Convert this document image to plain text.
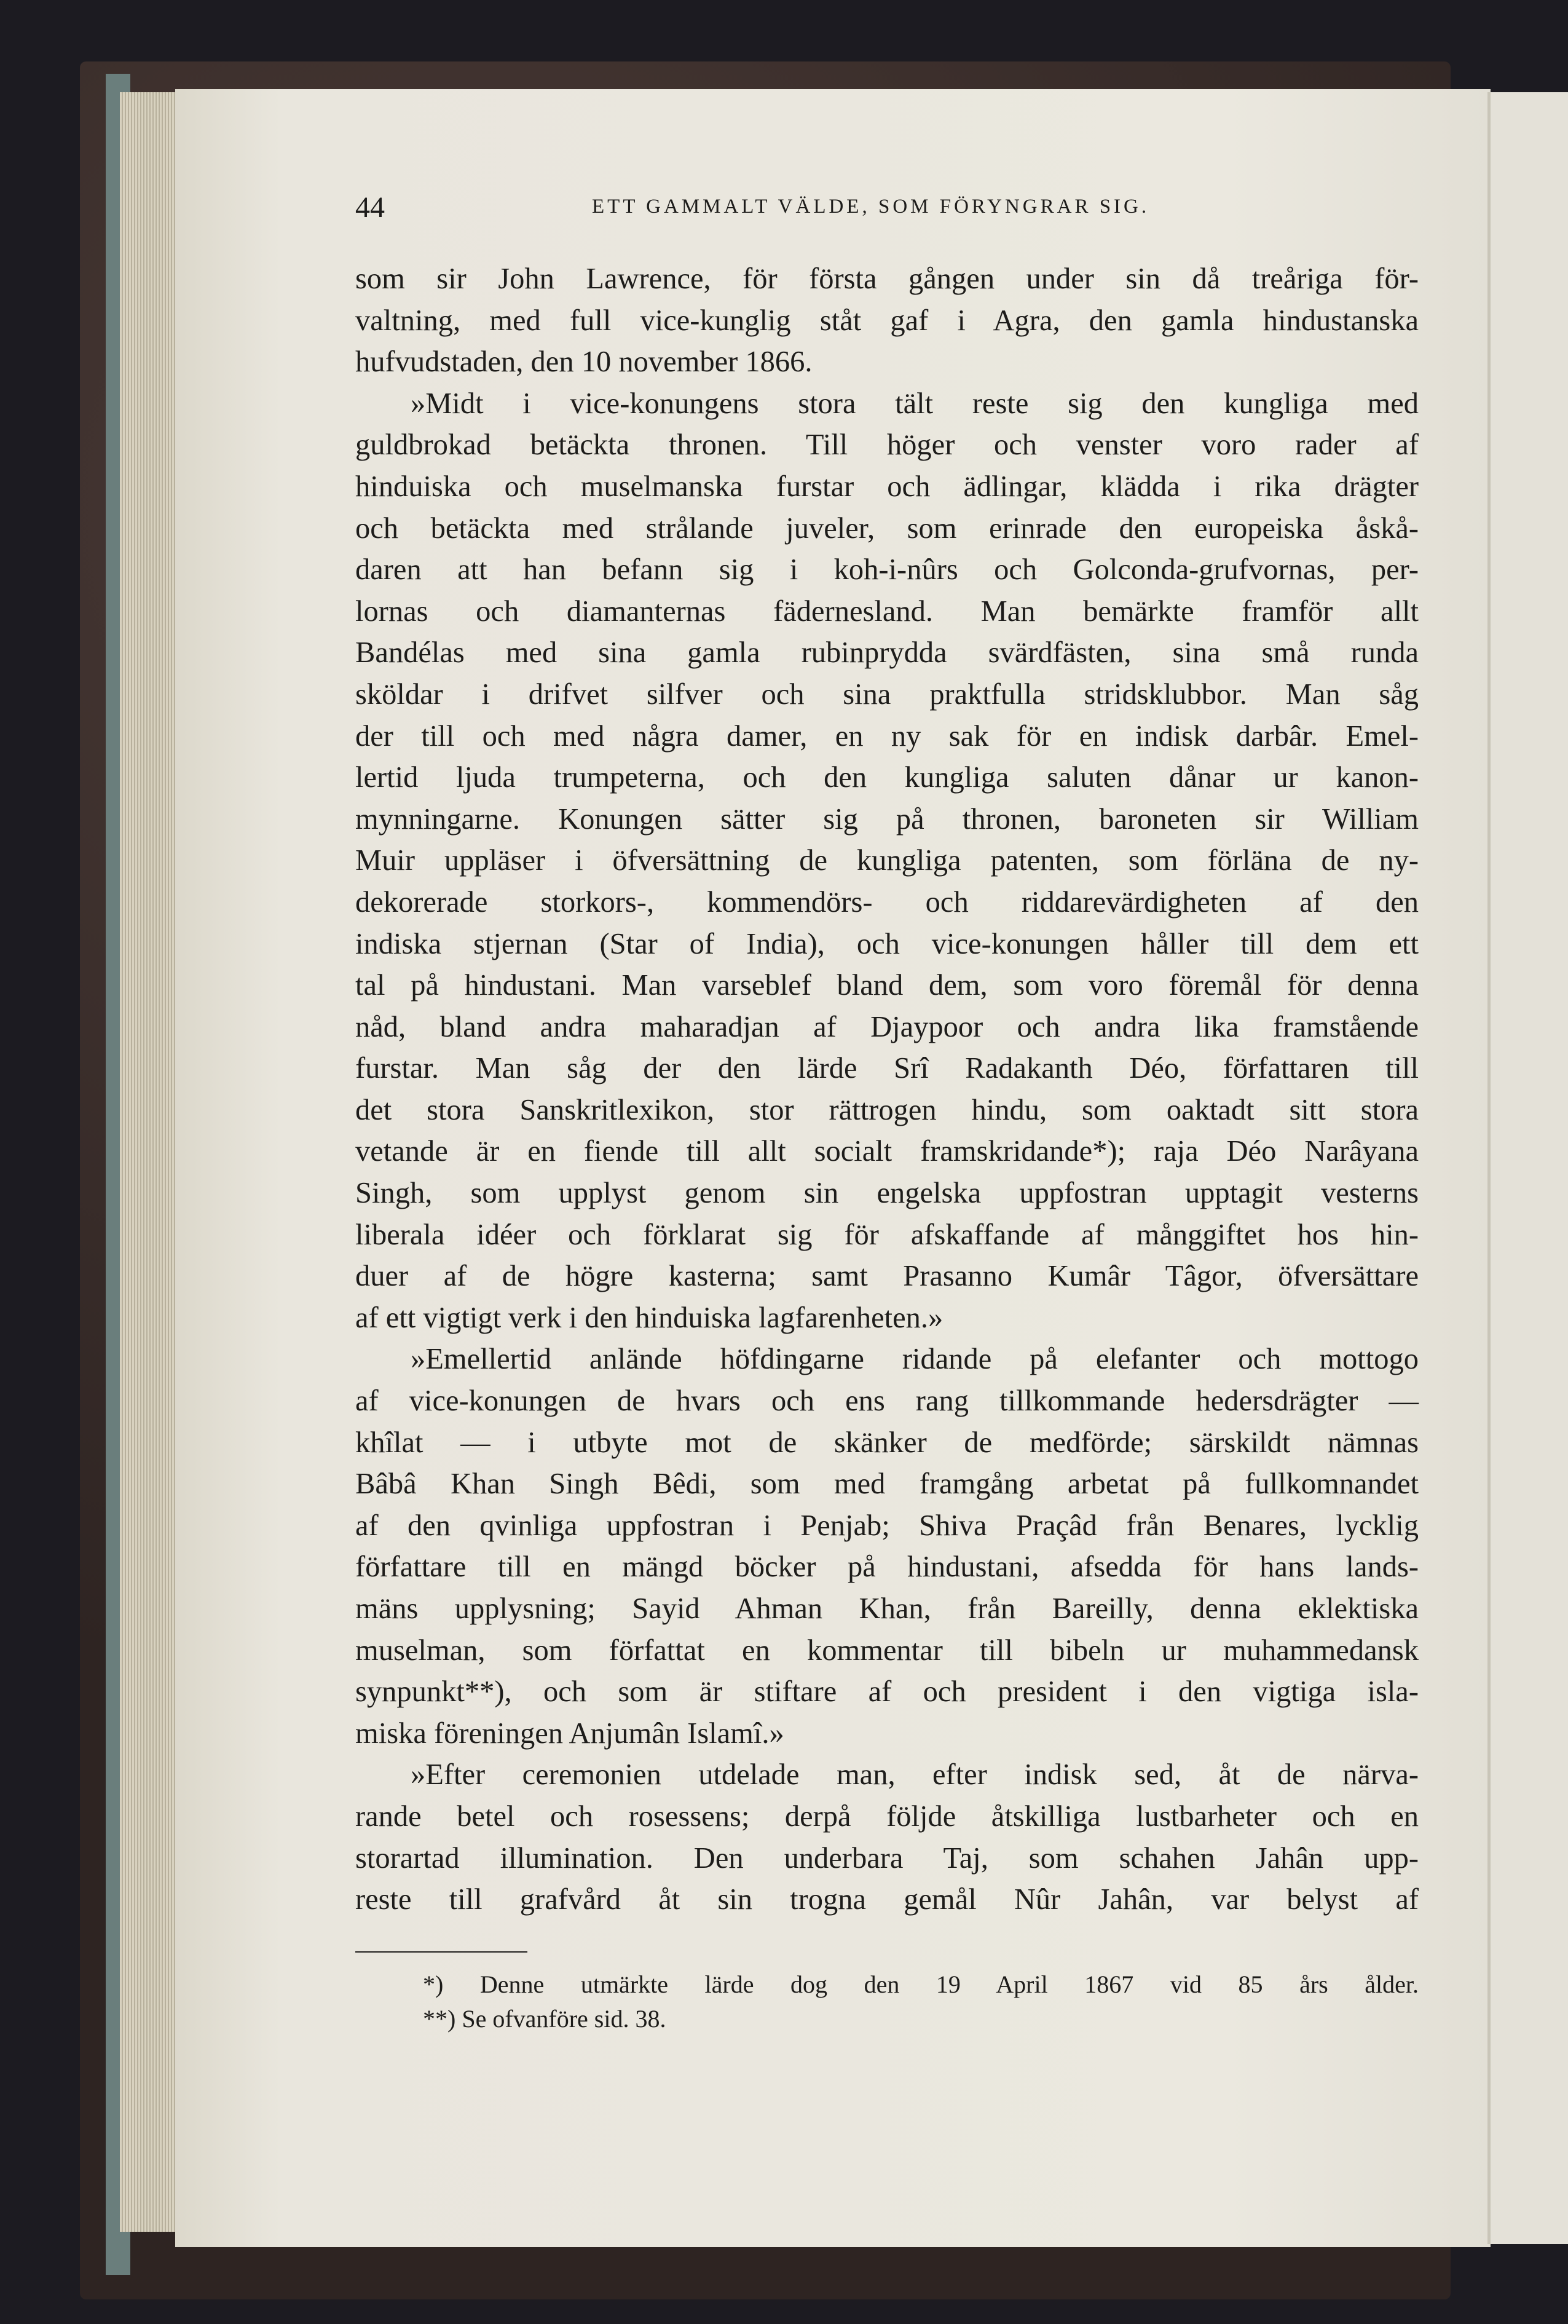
44	ETT GAMMALT VÄLDE, SOM FÖRYNGRAR SIG.
som sir John Lawrence, för första gången under sin då treåriga för-
valtning, med full vice-kunglig ståt gaf i Agra, den gamla hindustanska
hufvudstaden, den 10 november 1866.
»Midt i vice-konungens stora tält reste sig den kungliga med
guldbrokad betäckta thronen. Till höger och venster voro rader af
hinduiska och muselmanska furstar och ädlingar, klädda i rika drägter
och betäckta med strålande juveler, som erinrade den europeiska åskå-
daren att han befann sig i koh-i-nûrs och Golconda-grufvornas, per-
lornas och diamanternas fädernesland. Man bemärkte framför allt
Bandélas med sina gamla rubinprydda svärdfästen, sina små runda
sköldar i drifvet silfver och sina praktfulla stridsklubbor. Man såg
der till och med några damer, en ny sak för en indisk darbâr. Emel-
lertid ljuda trumpeterna, och den kungliga saluten dånar ur kanon-
mynningarne. Konungen sätter sig på thronen, baroneten sir William
Muir uppläser i öfversättning de kungliga patenten, som förläna de ny-
dekorerade storkors-, kommendörs- och riddarevärdigheten af den
indiska stjernan (Star of India), och vice-konungen håller till dem ett
tal på hindustani. Man varseblef bland dem, som voro föremål för denna
nåd, bland andra maharadjan af Djaypoor och andra lika framstående
furstar. Man såg der den lärde Srî Radakanth Déo, författaren till
det stora Sanskritlexikon, stor rättrogen hindu, som oaktadt sitt stora
vetande är en fiende till allt socialt framskridande*); raja Déo Narâyana
Singh, som upplyst genom sin engelska uppfostran upptagit vesterns
liberala idéer och förklarat sig för afskaffande af månggiftet hos hin-
duer af de högre kasterna; samt Prasanno Kumâr Tâgor, öfversättare
af ett vigtigt verk i den hinduiska lagfarenheten.»
»Emellertid anlände höfdingarne ridande på elefanter och mottogo
af vice-konungen de hvars och ens rang tillkommande hedersdrägter —
khîlat — i utbyte mot de skänker de medförde; särskildt nämnas
Bâbâ Khan Singh Bêdi, som med framgång arbetat på fullkomnandet
af den qvinliga uppfostran i Penjab; Shiva Praçâd från Benares, lycklig
författare till en mängd böcker på hindustani, afsedda för hans lands-
mäns upplysning; Sayid Ahman Khan, från Bareilly, denna eklektiska
muselman, som författat en kommentar till bibeln ur muhammedansk
synpunkt**), och som är stiftare af och president i den vigtiga isla-
miska föreningen Anjumân Islamî.»
»Efter ceremonien utdelade man, efter indisk sed, åt de närva-
rande betel och rosessens; derpå följde åtskilliga lustbarheter och en
storartad illumination. Den underbara Taj, som schahen Jahân upp-
reste till grafvård åt sin trogna gemål Nûr Jahân, var belyst af
*) Denne utmärkte lärde dog den 19 April 1867 vid 85 års ålder.
**) Se ofvanföre sid. 38.
